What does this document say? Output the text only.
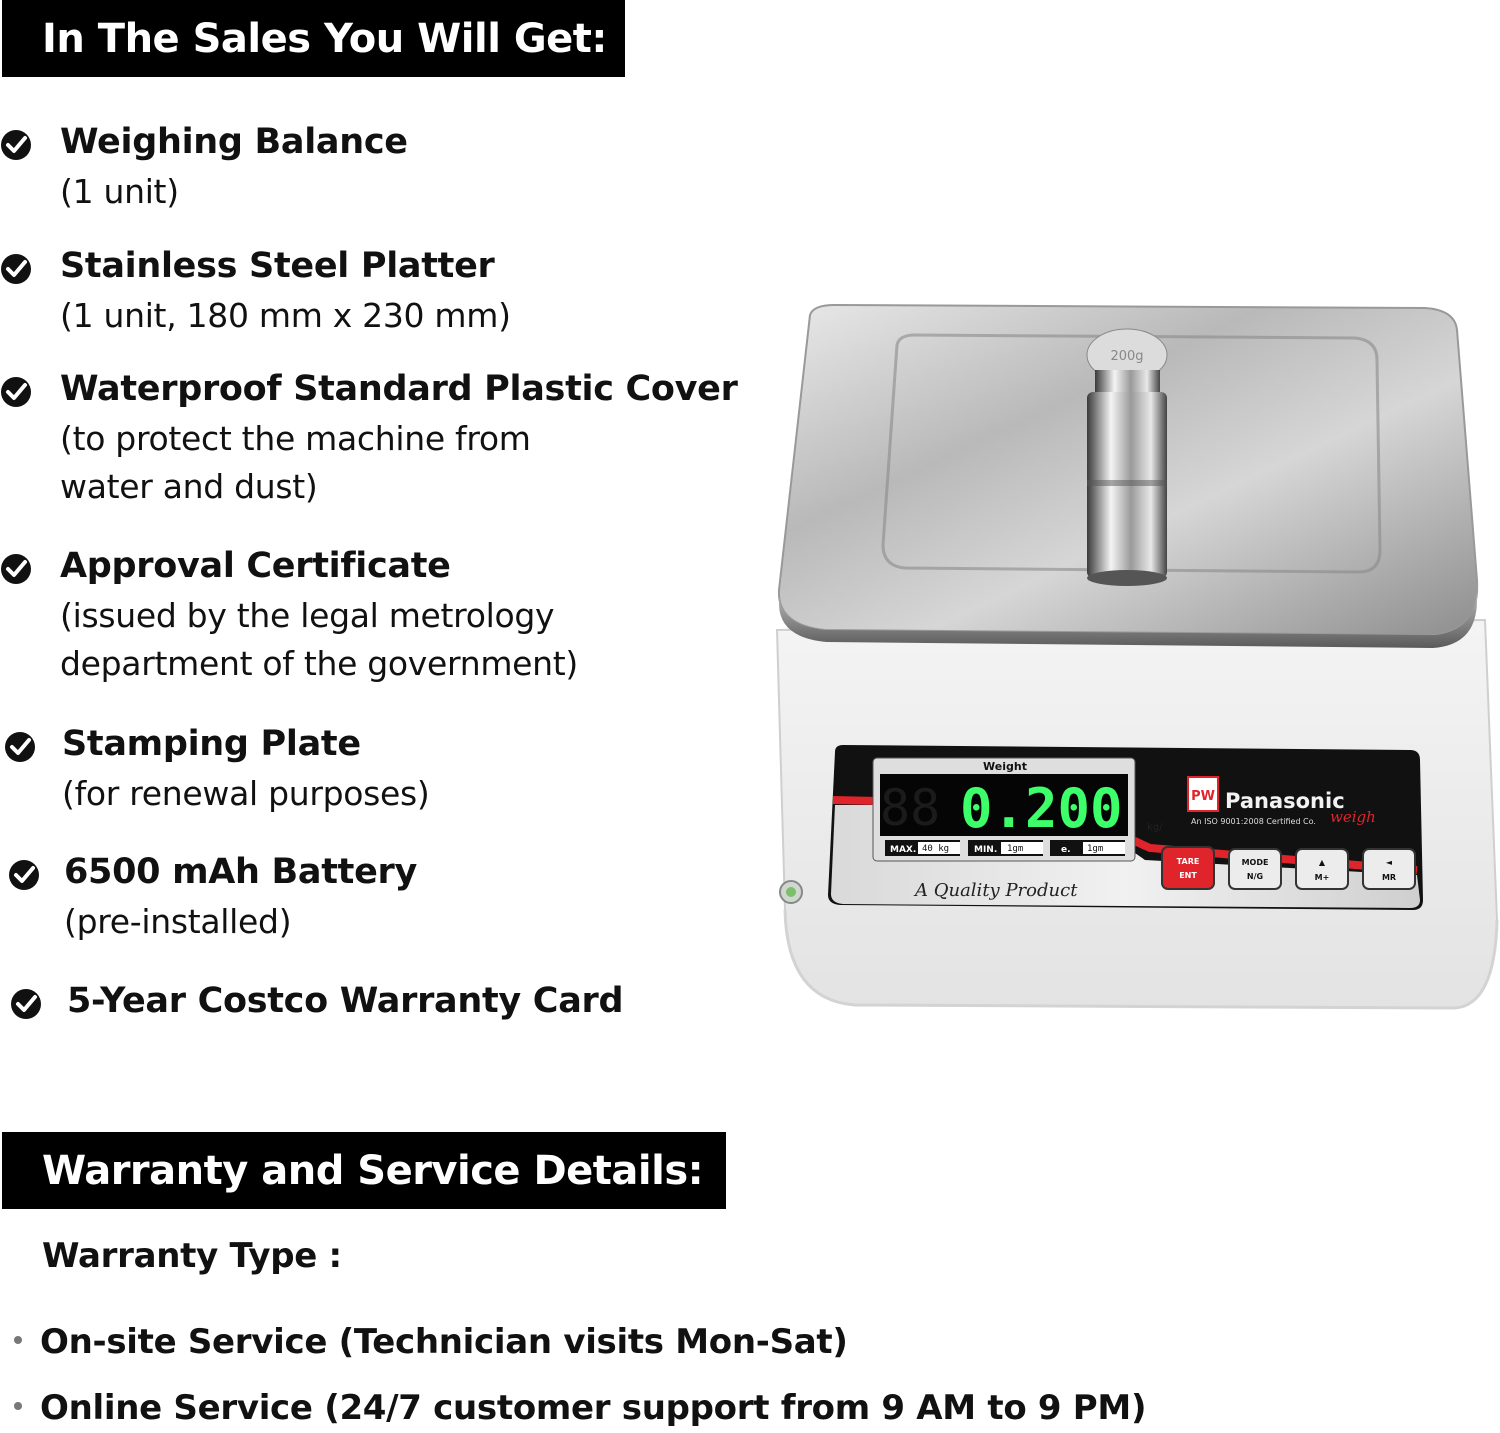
In The Sales You Will Get:
Weighing Balance
(1 unit)
Stainless Steel Platter
(1 unit, 180 mm x 230 mm)
Waterproof Standard Plastic Cover
(to protect the machine from water and dust)
Approval Certificate
(issued by the legal metrology department of the government)
Stamping Plate
(for renewal purposes)
6500 mAh Battery
(pre-installed)
5-Year Costco Warranty Card
200g
Weight
88 0.200 kg/
MAX. 40 kg	MIN. 1gm	e. 1gm
PW Panasonic
weigh
An ISO 9001:2008 Certified Co.
A Quality Product
TARE
ENT
MODE
N/G
▲
M+
◄
MR
Warranty and Service Details:
Warranty Type :
On-site Service (Technician visits Mon-Sat)
Online Service (24/7 customer support from 9 AM to 9 PM)
